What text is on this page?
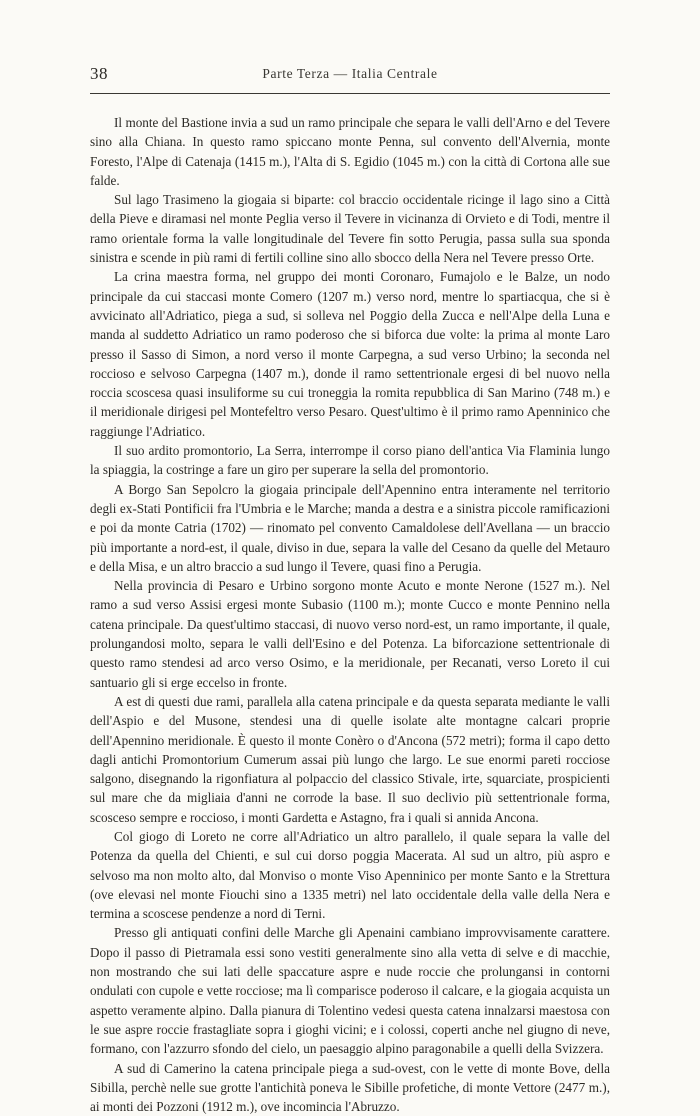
38	Parte Terza — Italia Centrale

Il monte del Bastione invia a sud un ramo principale che separa le valli dell'Arno e del Tevere sino alla Chiana. In questo ramo spiccano monte Penna, sul convento dell'Alvernia, monte Foresto, l'Alpe di Catenaja (1415 m.), l'Alta di S. Egidio (1045 m.) con la città di Cortona alle sue falde.

Sul lago Trasimeno la giogaia si biparte: col braccio occidentale ricinge il lago sino a Città della Pieve e diramasi nel monte Peglia verso il Tevere in vicinanza di Orvieto e di Todi, mentre il ramo orientale forma la valle longitudinale del Tevere fin sotto Perugia, passa sulla sua sponda sinistra e scende in più rami di fertili colline sino allo sbocco della Nera nel Tevere presso Orte.

La crina maestra forma, nel gruppo dei monti Coronaro, Fumajolo e le Balze, un nodo principale da cui staccasi monte Comero (1207 m.) verso nord, mentre lo spartiacqua, che si è avvicinato all'Adriatico, piega a sud, si solleva nel Poggio della Zucca e nell'Alpe della Luna e manda al suddetto Adriatico un ramo poderoso che si biforca due volte: la prima al monte Laro presso il Sasso di Simon, a nord verso il monte Carpegna, a sud verso Urbino; la seconda nel roccioso e selvoso Carpegna (1407 m.), donde il ramo settentrionale ergesi di bel nuovo nella roccia scoscesa quasi insuliforme su cui troneggia la romita repubblica di San Marino (748 m.) e il meridionale dirigesi pel Montefeltro verso Pesaro. Quest'ultimo è il primo ramo Apenninico che raggiunge l'Adriatico.

Il suo ardito promontorio, La Serra, interrompe il corso piano dell'antica Via Flaminia lungo la spiaggia, la costringe a fare un giro per superare la sella del promontorio.

A Borgo San Sepolcro la giogaia principale dell'Apennino entra interamente nel territorio degli ex-Stati Pontificii fra l'Umbria e le Marche; manda a destra e a sinistra piccole ramificazioni e poi da monte Catria (1702) — rinomato pel convento Camaldolese dell'Avellana — un braccio più importante a nord-est, il quale, diviso in due, separa la valle del Cesano da quelle del Metauro e della Misa, e un altro braccio a sud lungo il Tevere, quasi fino a Perugia.

Nella provincia di Pesaro e Urbino sorgono monte Acuto e monte Nerone (1527 m.). Nel ramo a sud verso Assisi ergesi monte Subasio (1100 m.); monte Cucco e monte Pennino nella catena principale. Da quest'ultimo staccasi, di nuovo verso nord-est, un ramo importante, il quale, prolungandosi molto, separa le valli dell'Esino e del Potenza. La biforcazione settentrionale di questo ramo stendesi ad arco verso Osimo, e la meridionale, per Recanati, verso Loreto il cui santuario gli si erge eccelso in fronte.

A est di questi due rami, parallela alla catena principale e da questa separata mediante le valli dell'Aspio e del Musone, stendesi una di quelle isolate alte montagne calcari proprie dell'Apennino meridionale. È questo il monte Conèro o d'Ancona (572 metri); forma il capo detto dagli antichi Promontorium Cumerum assai più lungo che largo. Le sue enormi pareti rocciose salgono, disegnando la rigonfiatura al polpaccio del classico Stivale, irte, squarciate, prospicienti sul mare che da migliaia d'anni ne corrode la base. Il suo declivio più settentrionale forma, scosceso sempre e roccioso, i monti Gardetta e Astagno, fra i quali si annida Ancona.

Col giogo di Loreto ne corre all'Adriatico un altro parallelo, il quale separa la valle del Potenza da quella del Chienti, e sul cui dorso poggia Macerata. Al sud un altro, più aspro e selvoso ma non molto alto, dal Monviso o monte Viso Apenninico per monte Santo e la Strettura (ove elevasi nel monte Fiouchi sino a 1335 metri) nel lato occidentale della valle della Nera e termina a scoscese pendenze a nord di Terni.

Presso gli antiquati confini delle Marche gli Apenaini cambiano improvvisamente carattere. Dopo il passo di Pietramala essi sono vestiti generalmente sino alla vetta di selve e di macchie, non mostrando che sui lati delle spaccature aspre e nude roccie che prolungansi in contorni ondulati con cupole e vette rocciose; ma lì comparisce poderoso il calcare, e la giogaia acquista un aspetto veramente alpino. Dalla pianura di Tolentino vedesi questa catena innalzarsi maestosa con le sue aspre roccie frastagliate sopra i gioghi vicini; e i colossi, coperti anche nel giugno di neve, formano, con l'azzurro sfondo del cielo, un paesaggio alpino paragonabile a quelli della Svizzera.

A sud di Camerino la catena principale piega a sud-ovest, con le vette di monte Bove, della Sibilla, perchè nelle sue grotte l'antichità poneva le Sibille profetiche, di monte Vettore (2477 m.), ai monti dei Pozzoni (1912 m.), ove incomincia l'Abruzzo.
